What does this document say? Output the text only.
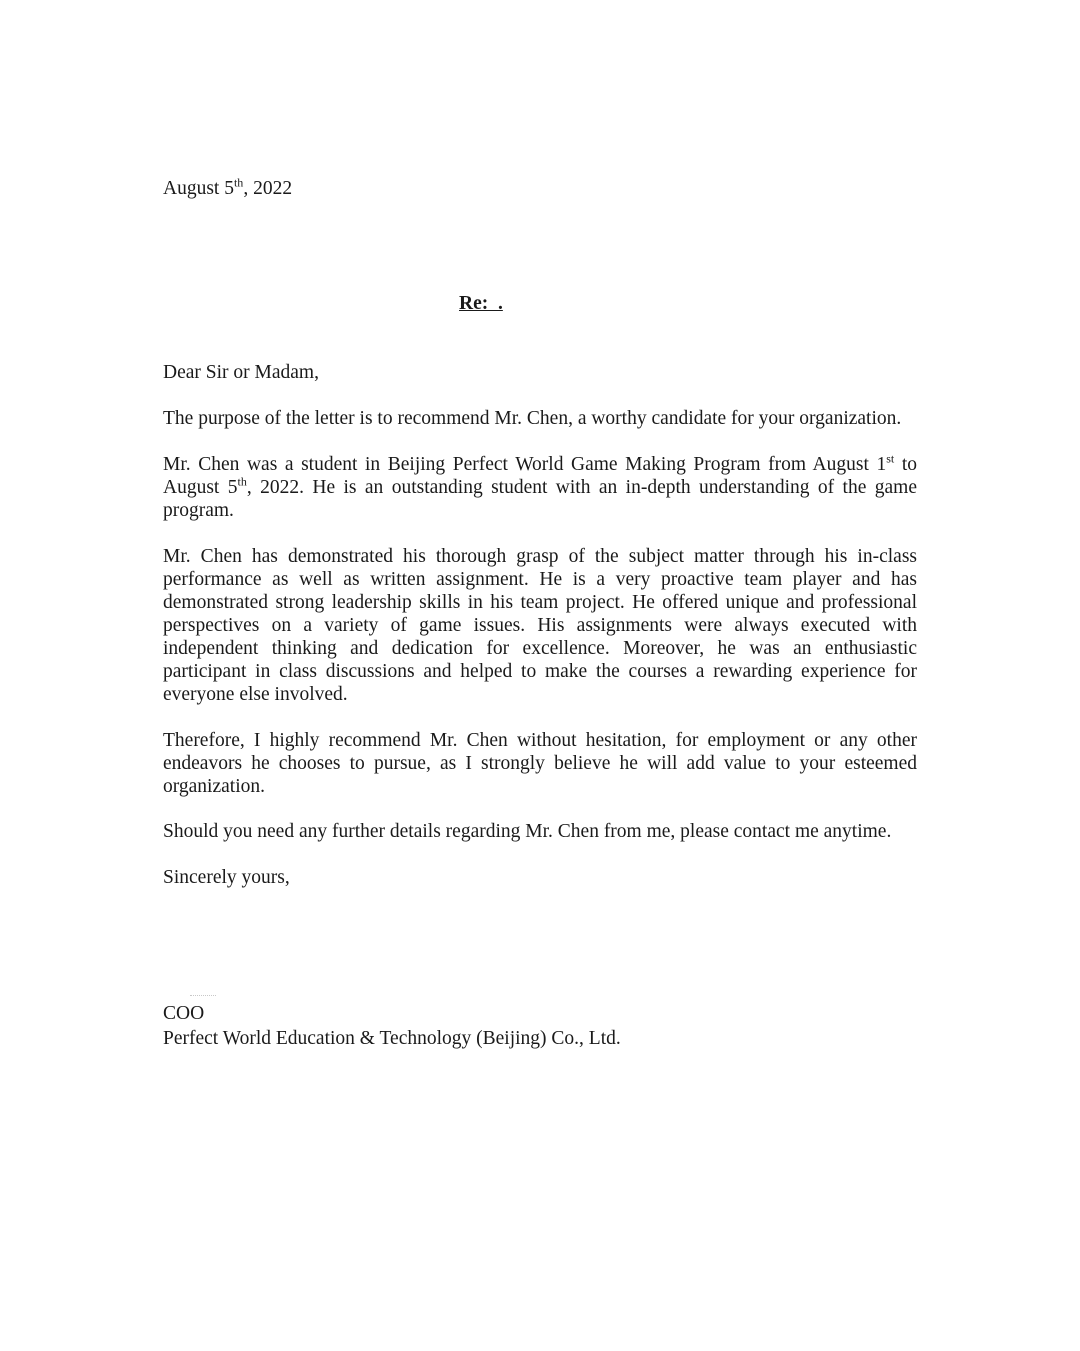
August 5th, 2022

Re:  .

Dear Sir or Madam,

The purpose of the letter is to recommend Mr. Chen, a worthy candidate for your organization.

Mr. Chen was a student in Beijing Perfect World Game Making Program from August 1st to August 5th, 2022. He is an outstanding student with an in-depth understanding of the game program.

Mr. Chen has demonstrated his thorough grasp of the subject matter through his in-class performance as well as written assignment. He is a very proactive team player and has demonstrated strong leadership skills in his team project. He offered unique and professional perspectives on a variety of game issues. His assignments were always executed with independent thinking and dedication for excellence. Moreover, he was an enthusiastic participant in class discussions and helped to make the courses a rewarding experience for everyone else involved.

Therefore, I highly recommend Mr. Chen without hesitation, for employment or any other endeavors he chooses to pursue, as I strongly believe he will add value to your esteemed organization.

Should you need any further details regarding Mr. Chen from me, please contact me anytime.

Sincerely yours,

COO

Perfect World Education & Technology (Beijing) Co., Ltd.
